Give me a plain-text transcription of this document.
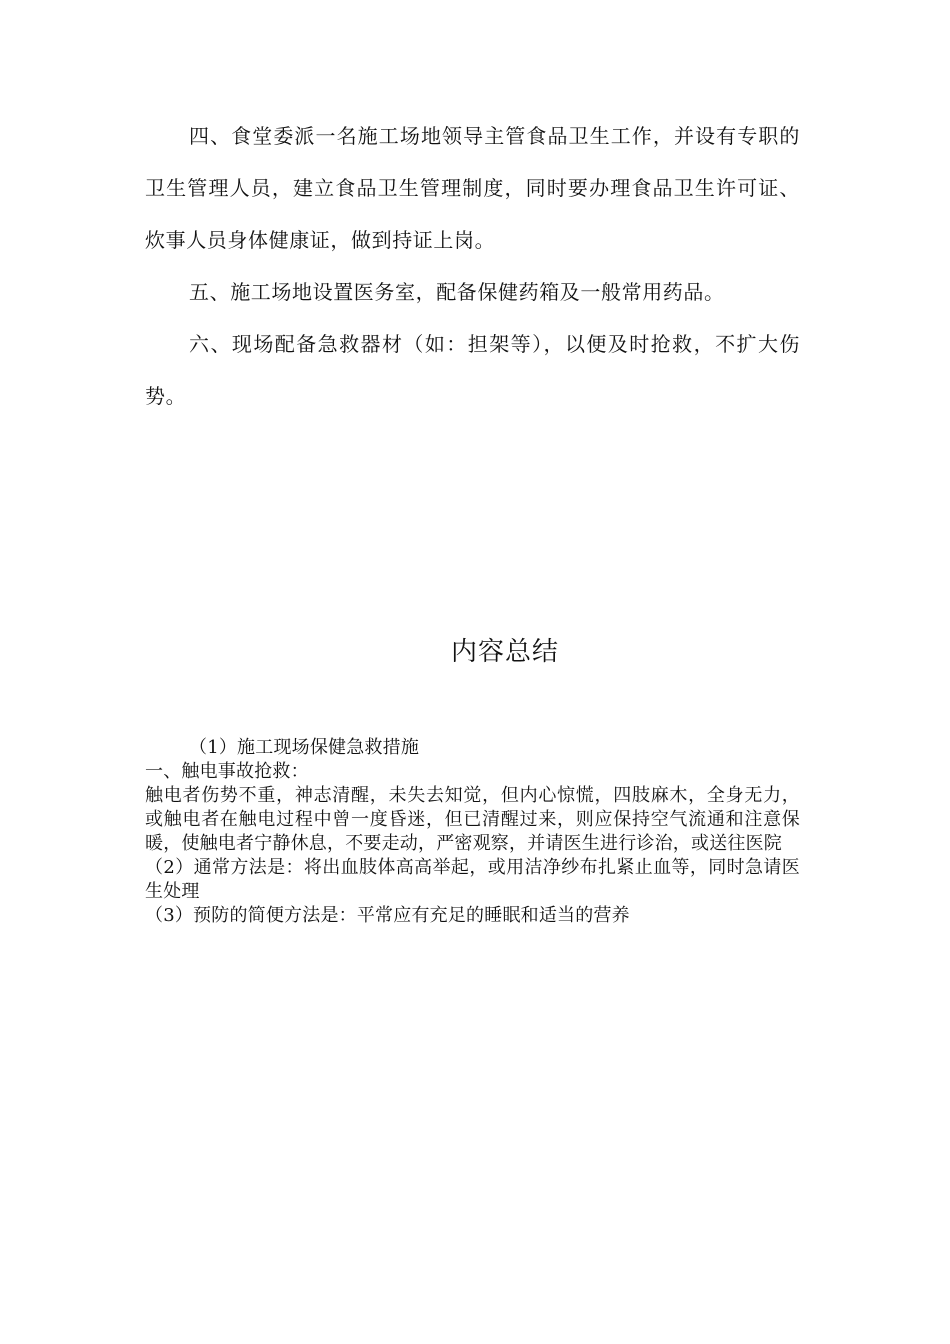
四、食堂委派一名施工场地领导主管食品卫生工作，并设有专职的卫生管理人员，建立食品卫生管理制度，同时要办理食品卫生许可证、炊事人员身体健康证，做到持证上岗。

五、施工场地设置医务室，配备保健药箱及一般常用药品。

六、现场配备急救器材（如：担架等），以便及时抢救，不扩大伤势。

内容总结

（1）施工现场保健急救措施

一、触电事故抢救：

触电者伤势不重，神志清醒，未失去知觉，但内心惊慌，四肢麻木，全身无力，或触电者在触电过程中曾一度昏迷，但已清醒过来，则应保持空气流通和注意保暖，使触电者宁静休息，不要走动，严密观察，并请医生进行诊治，或送往医院

（2）通常方法是：将出血肢体高高举起，或用洁净纱布扎紧止血等，同时急请医生处理

（3）预防的简便方法是：平常应有充足的睡眠和适当的营养
